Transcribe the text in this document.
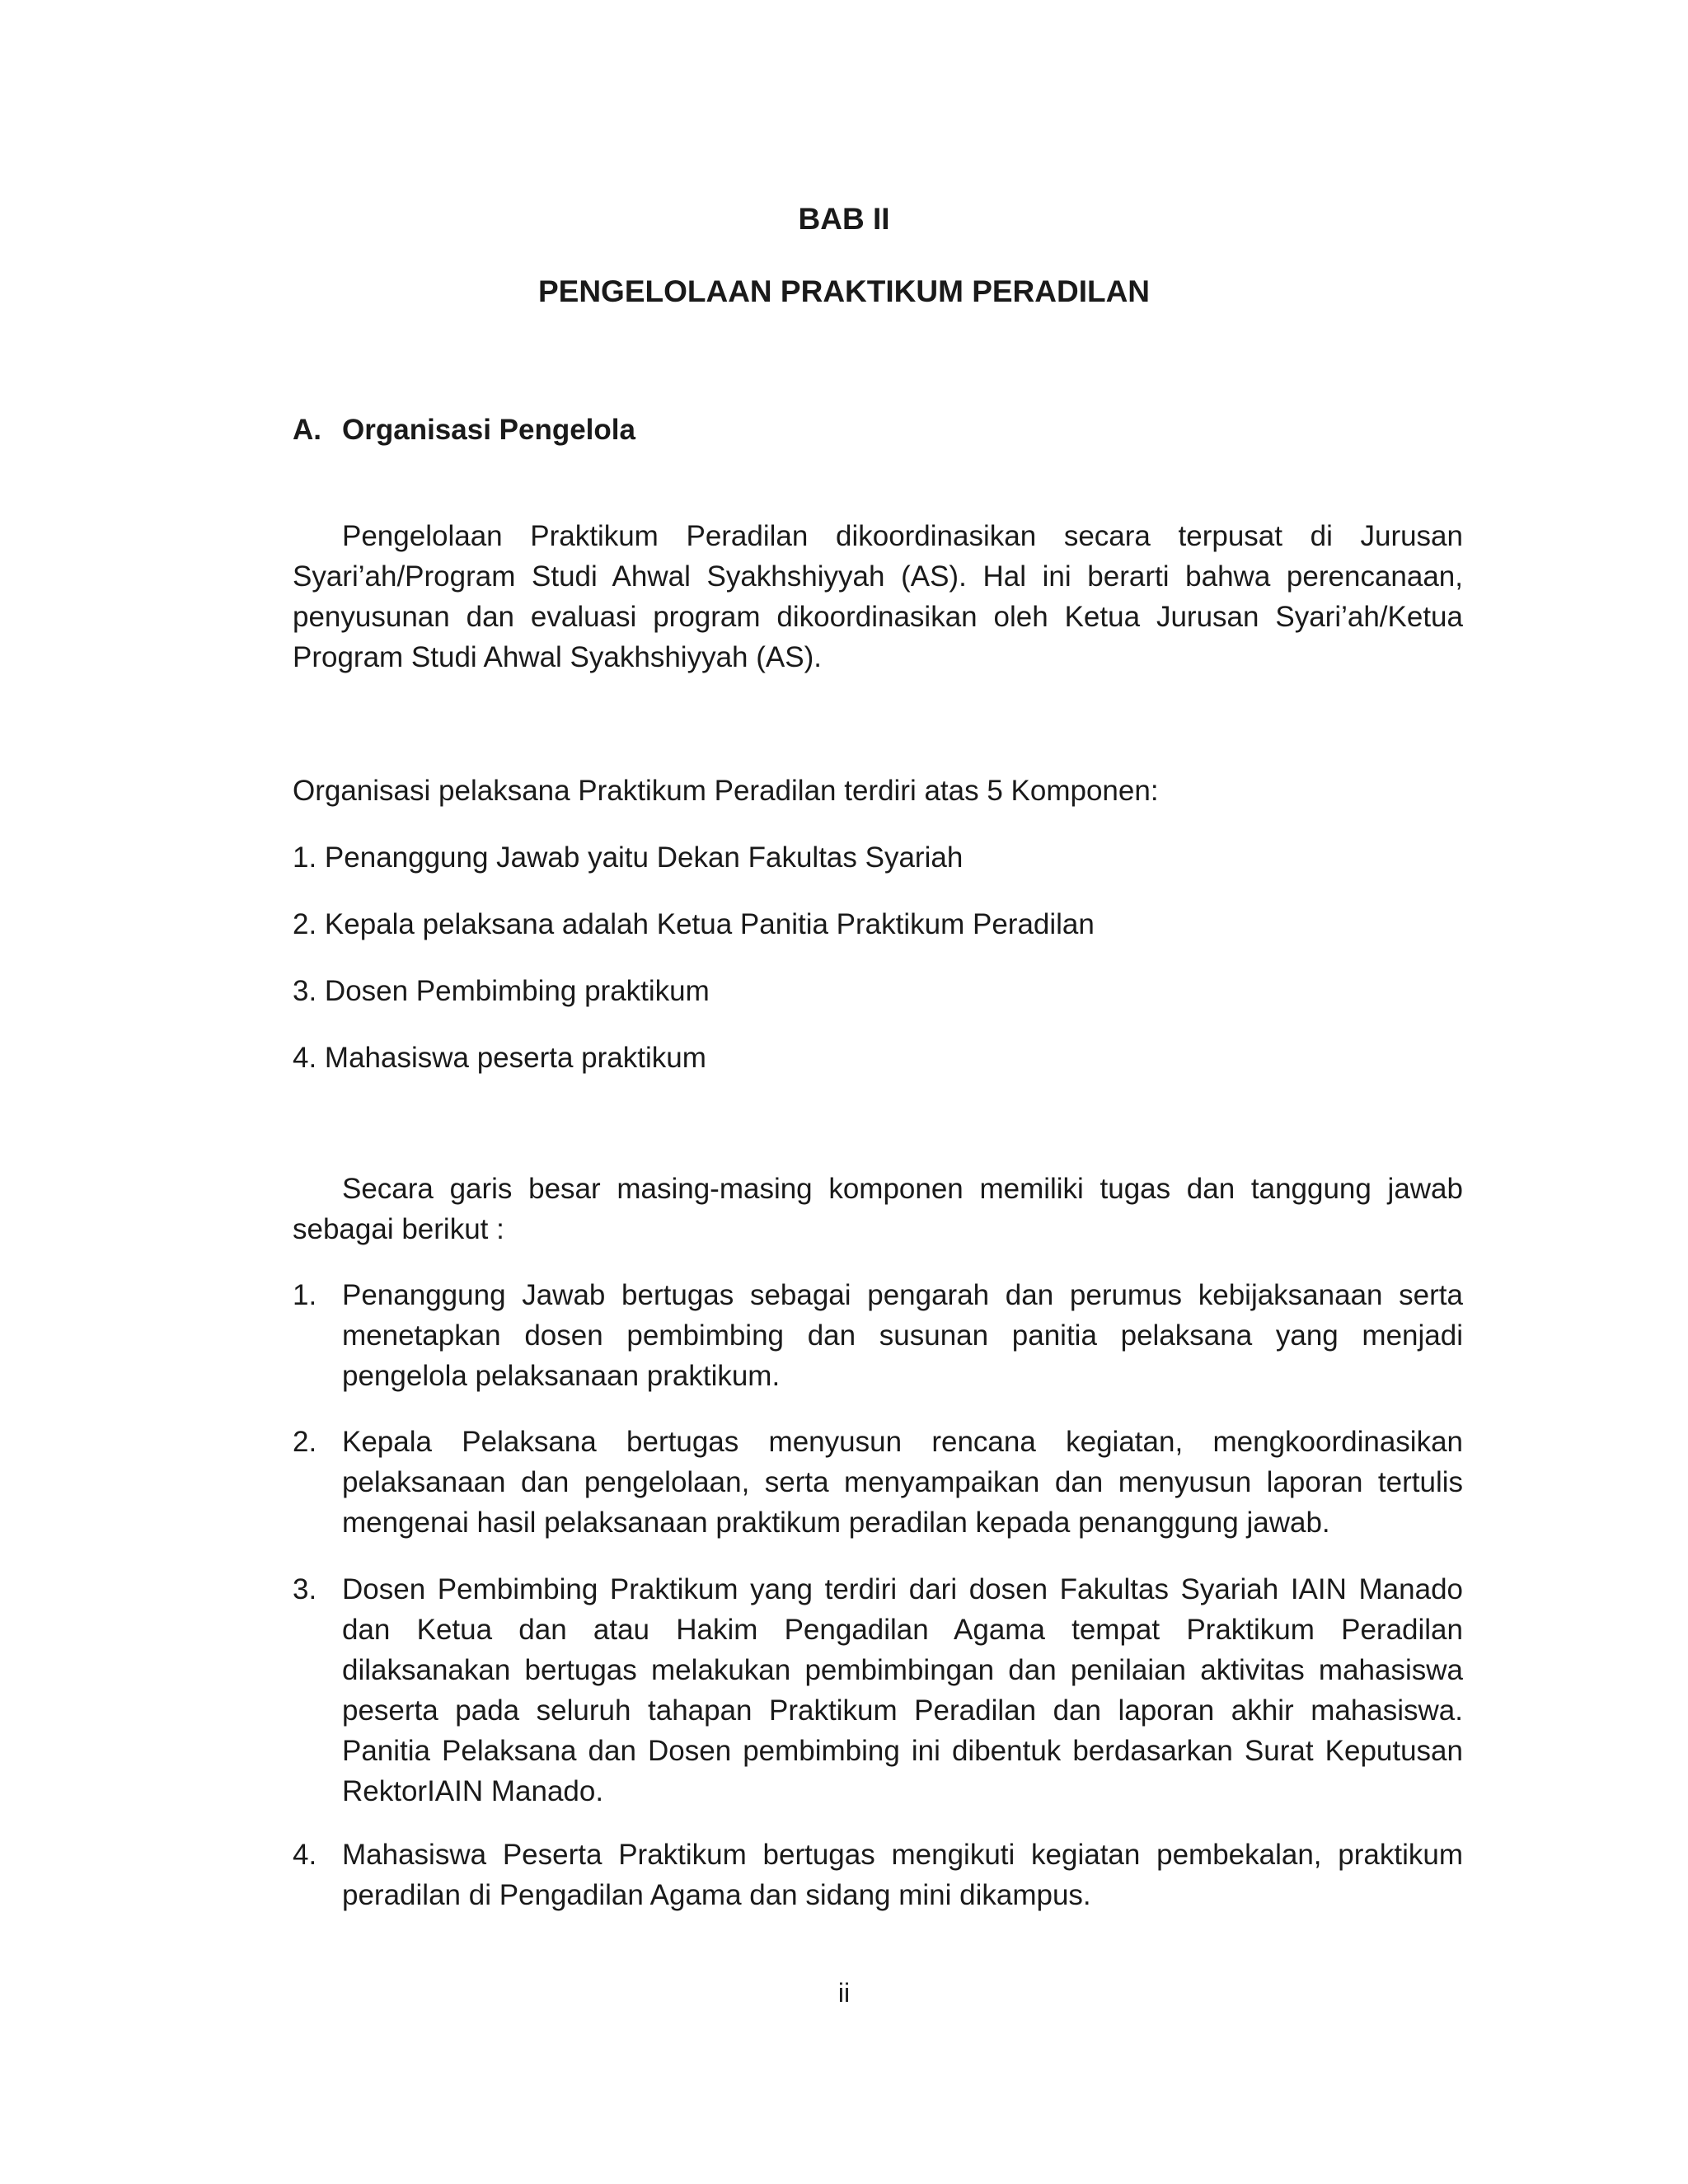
BAB II
PENGELOLAAN PRAKTIKUM PERADILAN
A. Organisasi Pengelola
Pengelolaan Praktikum Peradilan dikoordinasikan secara terpusat di Jurusan Syari’ah/Program Studi Ahwal Syakhshiyyah (AS). Hal ini berarti bahwa perencanaan, penyusunan dan evaluasi program dikoordinasikan oleh Ketua Jurusan Syari’ah/Ketua Program Studi Ahwal Syakhshiyyah (AS).
Organisasi pelaksana Praktikum Peradilan terdiri atas 5 Komponen:
1. Penanggung Jawab yaitu Dekan Fakultas Syariah
2. Kepala pelaksana adalah Ketua Panitia Praktikum Peradilan
3. Dosen Pembimbing praktikum
4. Mahasiswa peserta praktikum
Secara garis besar masing-masing komponen memiliki tugas dan tanggung jawab sebagai berikut :
1. Penanggung Jawab bertugas sebagai pengarah dan perumus kebijaksanaan serta menetapkan dosen pembimbing dan susunan panitia pelaksana yang menjadi pengelola pelaksanaan praktikum.
2. Kepala Pelaksana bertugas menyusun rencana kegiatan, mengkoordinasikan pelaksanaan dan pengelolaan, serta menyampaikan dan menyusun laporan tertulis mengenai hasil pelaksanaan praktikum peradilan kepada penanggung jawab.
3. Dosen Pembimbing Praktikum yang terdiri dari dosen Fakultas Syariah IAIN Manado dan Ketua dan atau Hakim Pengadilan Agama tempat Praktikum Peradilan dilaksanakan bertugas melakukan pembimbingan dan penilaian aktivitas mahasiswa peserta pada seluruh tahapan Praktikum Peradilan dan laporan akhir mahasiswa. Panitia Pelaksana dan Dosen pembimbing ini dibentuk berdasarkan Surat Keputusan RektorIAIN Manado.
4. Mahasiswa Peserta Praktikum bertugas mengikuti kegiatan pembekalan, praktikum peradilan di Pengadilan Agama dan sidang mini dikampus.
ii
